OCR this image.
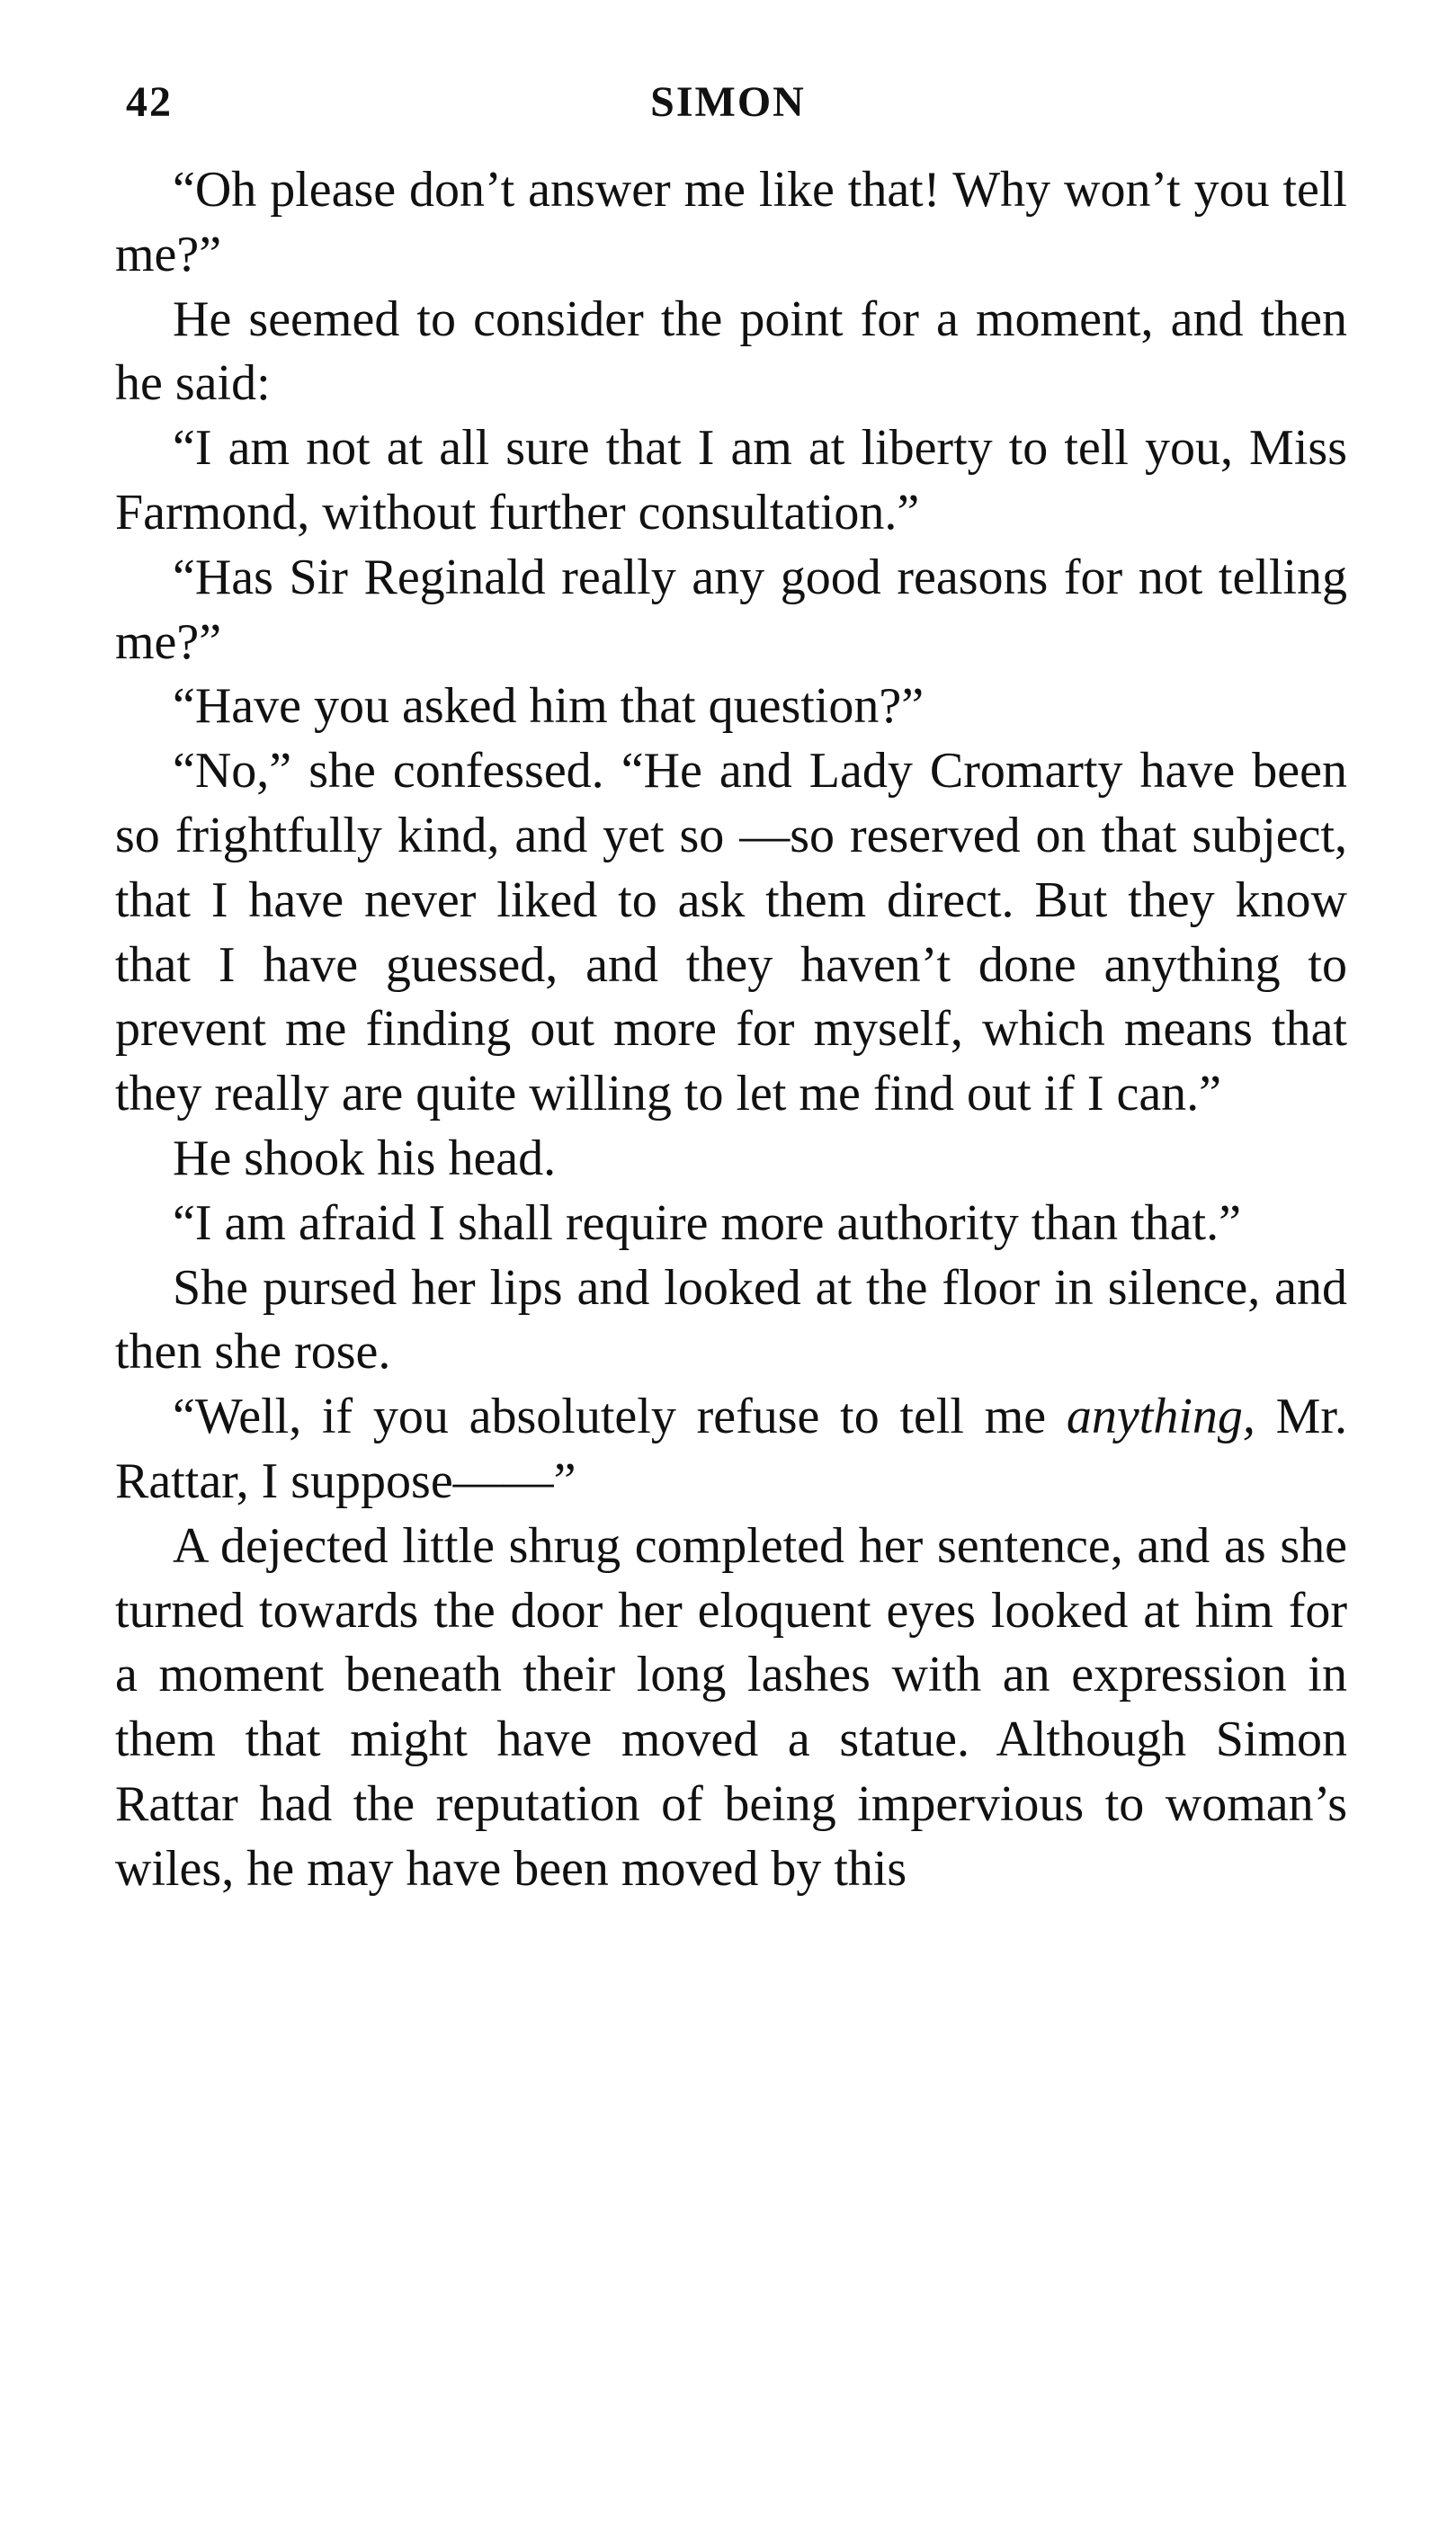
42	SIMON

“Oh please don’t answer me like that! Why won’t you tell me?”

He seemed to consider the point for a moment, and then he said:

“I am not at all sure that I am at liberty to tell you, Miss Farmond, without further consultation.”

“Has Sir Reginald really any good reasons for not telling me?”

“Have you asked him that question?”

“No,” she confessed. “He and Lady Cromarty have been so frightfully kind, and yet so —so reserved on that subject, that I have never liked to ask them direct. But they know that I have guessed, and they haven’t done anything to prevent me finding out more for myself, which means that they really are quite willing to let me find out if I can.”

He shook his head.

“I am afraid I shall require more authority than that.”

She pursed her lips and looked at the floor in silence, and then she rose.

“Well, if you absolutely refuse to tell me anything, Mr. Rattar, I suppose——”

A dejected little shrug completed her sentence, and as she turned towards the door her eloquent eyes looked at him for a moment beneath their long lashes with an expression in them that might have moved a statue. Although Simon Rattar had the reputation of being impervious to woman’s wiles, he may have been moved by this
